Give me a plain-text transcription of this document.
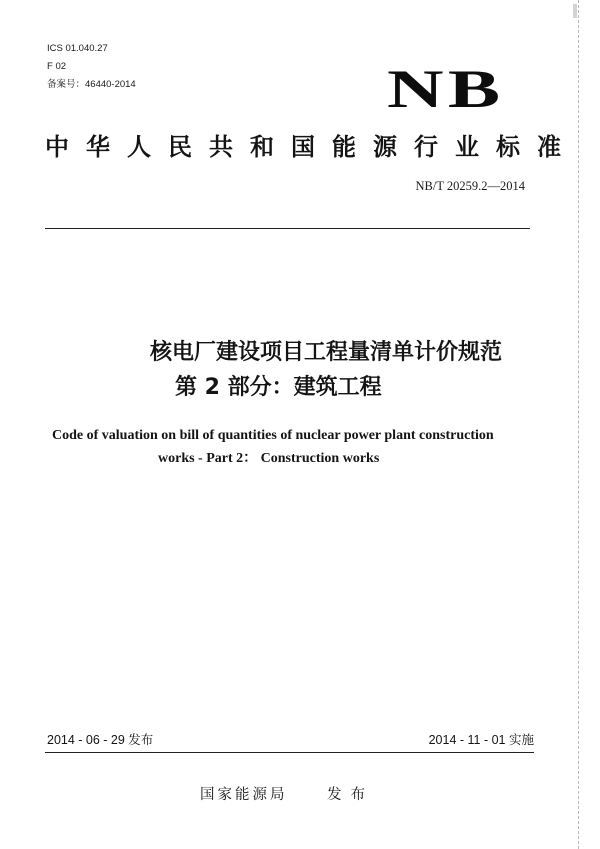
ICS 01.040.27
F 02
备案号：46440-2014	NB
中华人民共和国能源行业标准
NB/T 20259.2—2014
核电厂建设项目工程量清单计价规范
第 2 部分：建筑工程
Code of valuation on bill of quantities of nuclear power plant construction
works - Part 2： Construction works
2014 - 06 - 29 发布	2014 - 11 - 01 实施
国家能源局	发布
